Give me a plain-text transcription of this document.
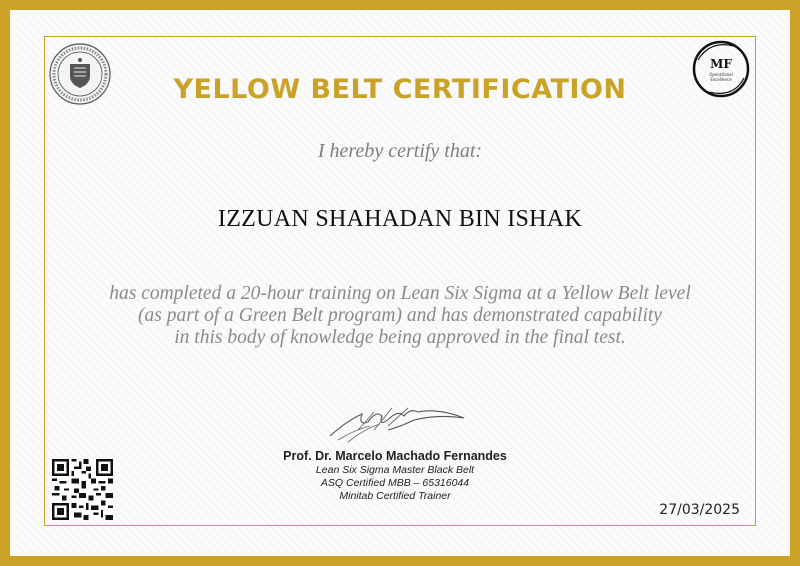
MF
Operational
Excellence
YELLOW BELT CERTIFICATION
I hereby certify that:
IZZUAN SHAHADAN BIN ISHAK
has completed a 20-hour training on Lean Six Sigma at a Yellow Belt level
(as part of a Green Belt program) and has demonstrated capability
in this body of knowledge being approved in the final test.
Prof. Dr. Marcelo Machado Fernandes
Lean Six Sigma Master Black Belt
ASQ Certified MBB – 65316044
Minitab Certified Trainer
27/03/2025
